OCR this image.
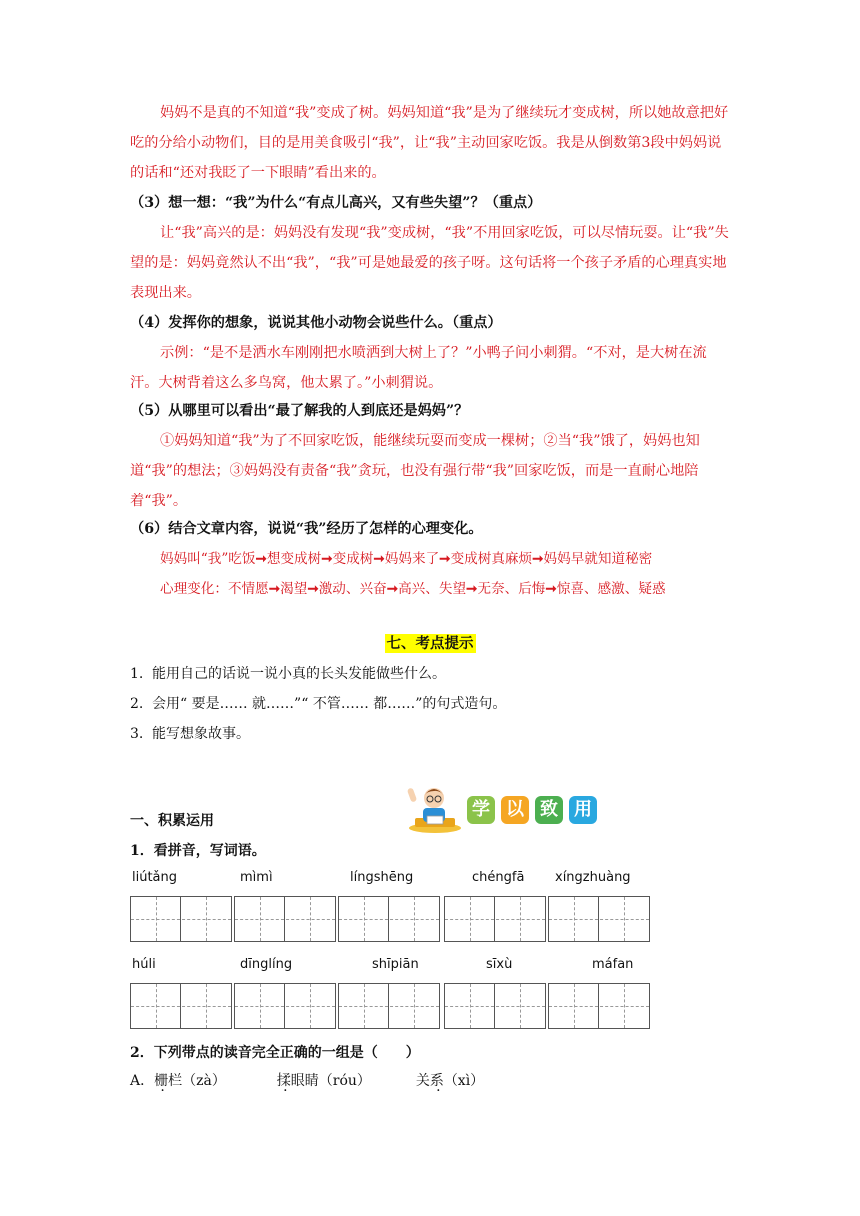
妈妈不是真的不知道“我”变成了树。妈妈知道“我”是为了继续玩才变成树，所以她故意把好吃的分给小动物们，目的是用美食吸引“我”，让“我”主动回家吃饭。我是从倒数第3段中妈妈说的话和“还对我眨了一下眼睛”看出来的。

（3）想一想：“我”为什么“有点儿高兴，又有些失望”？（重点）

让“我”高兴的是：妈妈没有发现“我”变成树，“我”不用回家吃饭，可以尽情玩耍。让“我”失望的是：妈妈竟然认不出“我”，“我”可是她最爱的孩子呀。这句话将一个孩子矛盾的心理真实地表现出来。

（4）发挥你的想象，说说其他小动物会说些什么。（重点）

示例：“是不是洒水车刚刚把水喷洒到大树上了？”小鸭子问小刺猬。“不对，是大树在流汗。大树背着这么多鸟窝，他太累了。”小刺猬说。

（5）从哪里可以看出“最了解我的人到底还是妈妈”？

①妈妈知道“我”为了不回家吃饭，能继续玩耍而变成一棵树；②当“我”饿了，妈妈也知道“我”的想法；③妈妈没有责备“我”贪玩，也没有强行带“我”回家吃饭，而是一直耐心地陪着“我”。

（6）结合文章内容，说说“我”经历了怎样的心理变化。

妈妈叫“我”吃饭➞想变成树➞变成树➞妈妈来了➞变成树真麻烦➞妈妈早就知道秘密
心理变化：不情愿➞渴望➞激动、兴奋➞高兴、失望➞无奈、后悔➞惊喜、感激、疑惑
七、考点提示
1. 能用自己的话说一说小真的长头发能做些什么。
2. 会用“ 要是…… 就……”“ 不管…… 都……”的句式造句。
3. 能写想象故事。
学 以 致 用
一、积累运用
1．看拼音，写词语。
liútǎng	mìmì	língshēng	chéngfā xíngzhuàng
húli	dīnglíng	shīpiān	sīxù	máfan
2．下列带点的读音完全正确的一组是（　　）
A．栅栏（zà）	揉眼睛（róu）	关系（xì）
